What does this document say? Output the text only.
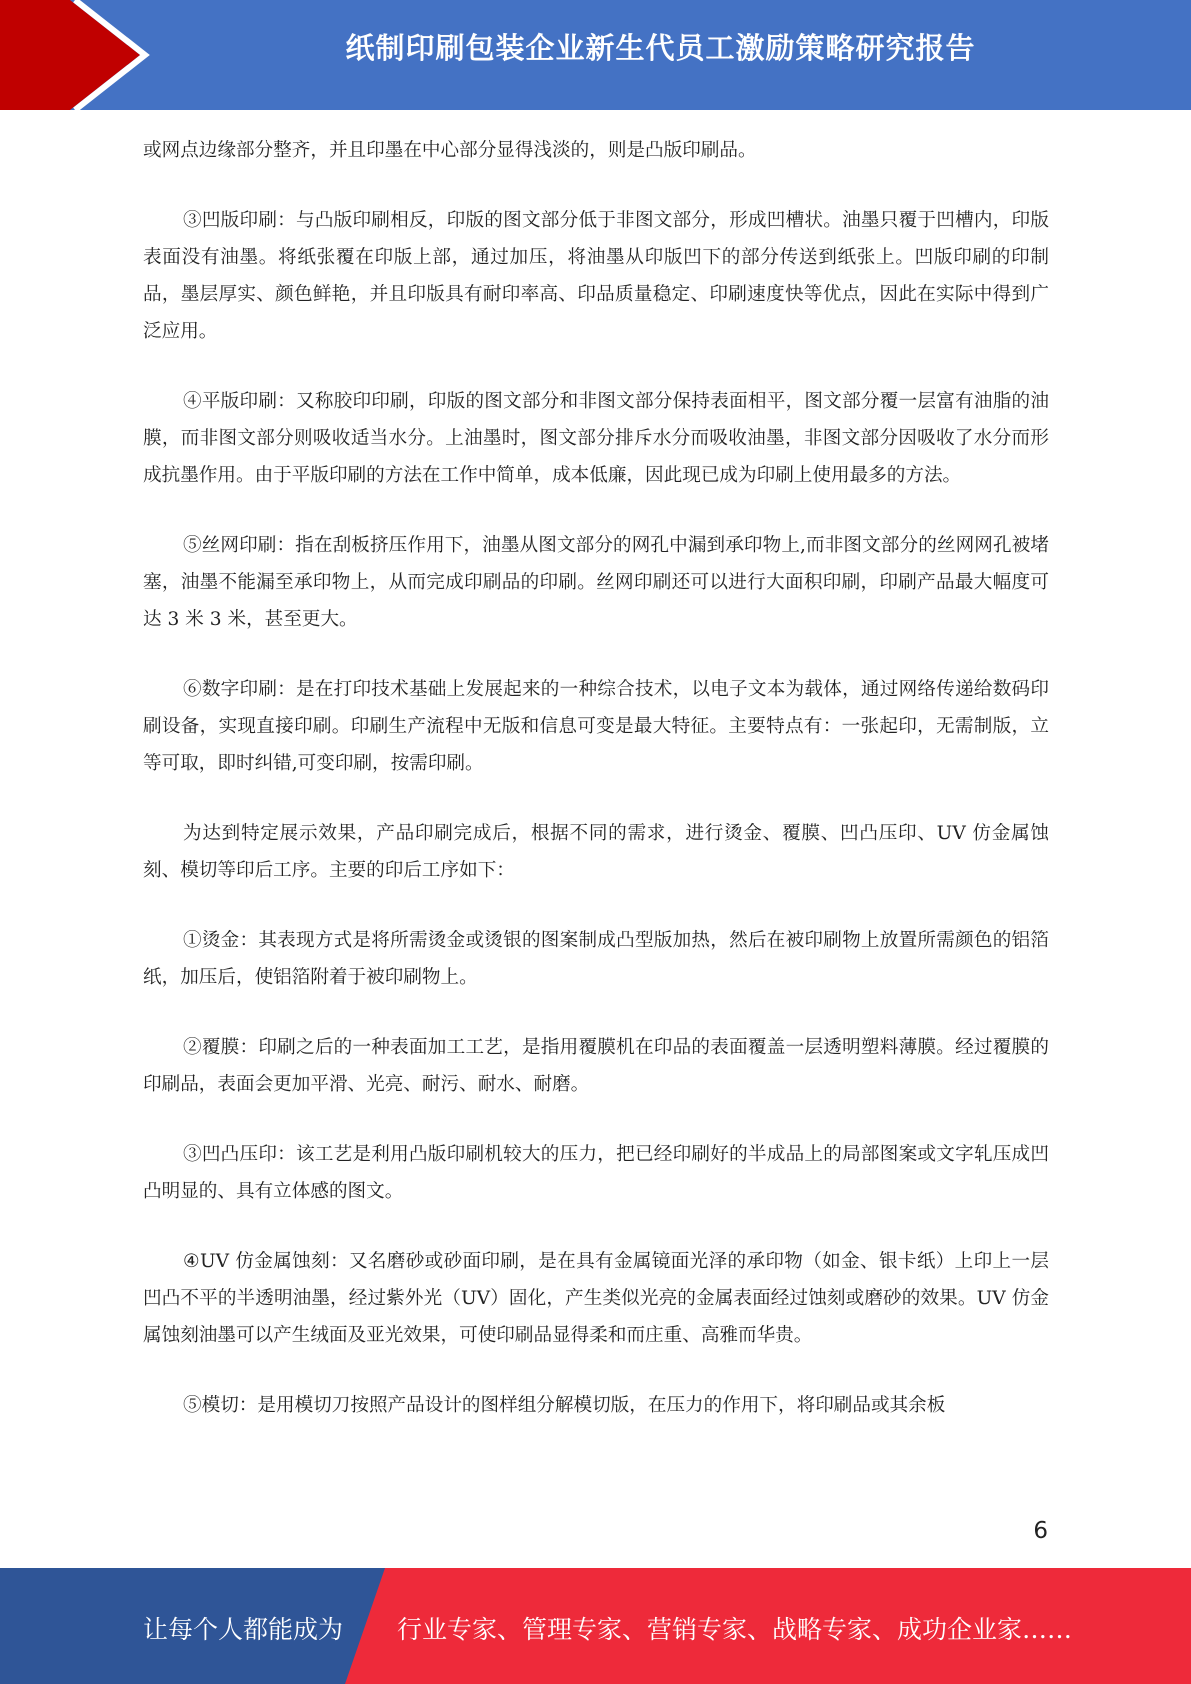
纸制印刷包装企业新生代员工激励策略研究报告

或网点边缘部分整齐，并且印墨在中心部分显得浅淡的，则是凸版印刷品。

③凹版印刷：与凸版印刷相反，印版的图文部分低于非图文部分，形成凹槽状。油墨只覆于凹槽内，印版表面没有油墨。将纸张覆在印版上部，通过加压，将油墨从印版凹下的部分传送到纸张上。凹版印刷的印制品，墨层厚实、颜色鲜艳，并且印版具有耐印率高、印品质量稳定、印刷速度快等优点，因此在实际中得到广泛应用。

④平版印刷：又称胶印印刷，印版的图文部分和非图文部分保持表面相平，图文部分覆一层富有油脂的油膜，而非图文部分则吸收适当水分。上油墨时，图文部分排斥水分而吸收油墨，非图文部分因吸收了水分而形成抗墨作用。由于平版印刷的方法在工作中简单，成本低廉，因此现已成为印刷上使用最多的方法。

⑤丝网印刷：指在刮板挤压作用下，油墨从图文部分的网孔中漏到承印物上,而非图文部分的丝网网孔被堵塞，油墨不能漏至承印物上，从而完成印刷品的印刷。丝网印刷还可以进行大面积印刷，印刷产品最大幅度可达 3 米 3 米，甚至更大。

⑥数字印刷：是在打印技术基础上发展起来的一种综合技术，以电子文本为载体，通过网络传递给数码印刷设备，实现直接印刷。印刷生产流程中无版和信息可变是最大特征。主要特点有：一张起印，无需制版，立等可取，即时纠错,可变印刷，按需印刷。

为达到特定展示效果，产品印刷完成后，根据不同的需求，进行烫金、覆膜、凹凸压印、UV 仿金属蚀刻、模切等印后工序。主要的印后工序如下：

①烫金：其表现方式是将所需烫金或烫银的图案制成凸型版加热，然后在被印刷物上放置所需颜色的铝箔纸，加压后，使铝箔附着于被印刷物上。

②覆膜：印刷之后的一种表面加工工艺，是指用覆膜机在印品的表面覆盖一层透明塑料薄膜。经过覆膜的印刷品，表面会更加平滑、光亮、耐污、耐水、耐磨。

③凹凸压印：该工艺是利用凸版印刷机较大的压力，把已经印刷好的半成品上的局部图案或文字轧压成凹凸明显的、具有立体感的图文。

④UV 仿金属蚀刻：又名磨砂或砂面印刷，是在具有金属镜面光泽的承印物（如金、银卡纸）上印上一层凹凸不平的半透明油墨，经过紫外光（UV）固化，产生类似光亮的金属表面经过蚀刻或磨砂的效果。UV 仿金属蚀刻油墨可以产生绒面及亚光效果，可使印刷品显得柔和而庄重、高雅而华贵。

⑤模切：是用模切刀按照产品设计的图样组分解模切版，在压力的作用下，将印刷品或其余板

6
让每个人都能成为 行业专家、管理专家、营销专家、战略专家、成功企业家……
